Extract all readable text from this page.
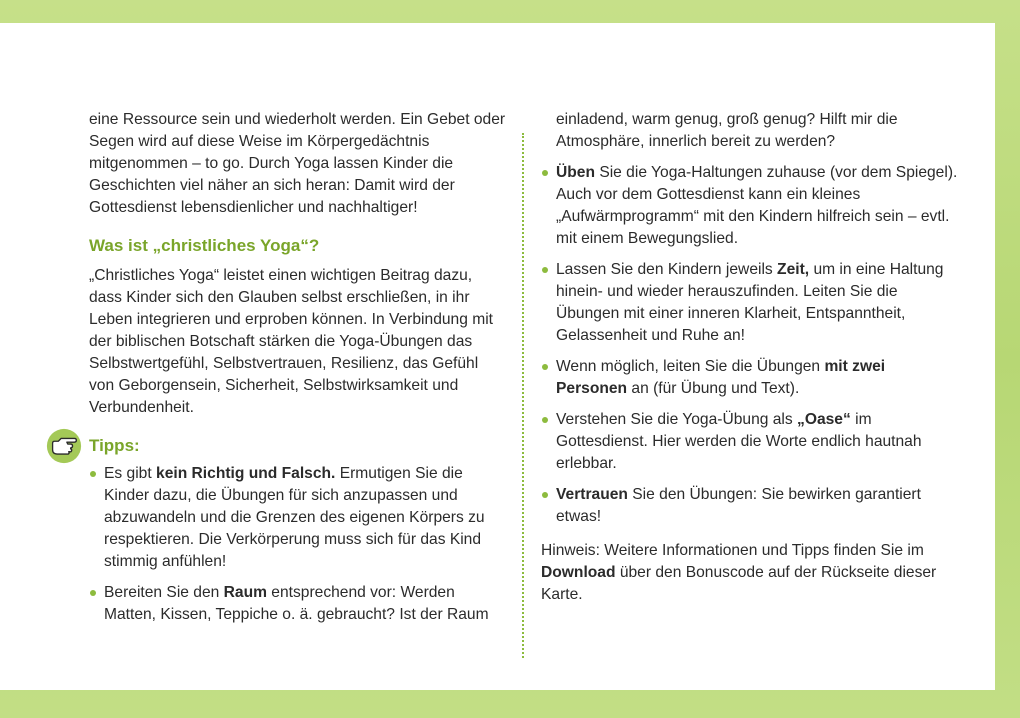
eine Ressource sein und wiederholt werden. Ein Gebet oder Segen wird auf diese Weise im Körpergedächtnis mitgenommen – to go. Durch Yoga lassen Kinder die Geschichten viel näher an sich heran: Damit wird der Gottesdienst lebensdienlicher und nachhaltiger!

Was ist „christliches Yoga“?

„Christliches Yoga“ leistet einen wichtigen Beitrag dazu, dass Kinder sich den Glauben selbst erschließen, in ihr Leben integrieren und erproben können. In Verbindung mit der biblischen Botschaft stärken die Yoga-Übungen das Selbstwertgefühl, Selbstvertrauen, Resilienz, das Gefühl von Geborgensein, Sicherheit, Selbstwirksamkeit und Verbundenheit.

Tipps:
Es gibt kein Richtig und Falsch. Ermutigen Sie die Kinder dazu, die Übungen für sich anzupassen und abzuwandeln und die Grenzen des eigenen Körpers zu respektieren. Die Verkörperung muss sich für das Kind stimmig anfühlen!
Bereiten Sie den Raum entsprechend vor: Werden Matten, Kissen, Teppiche o. ä. gebraucht? Ist der Raum
einladend, warm genug, groß genug? Hilft mir die Atmosphäre, innerlich bereit zu werden?
Üben Sie die Yoga-Haltungen zuhause (vor dem Spiegel). Auch vor dem Gottesdienst kann ein kleines „Aufwärmprogramm“ mit den Kindern hilfreich sein – evtl. mit einem Bewegungslied.
Lassen Sie den Kindern jeweils Zeit, um in eine Haltung hinein- und wieder herauszufinden. Leiten Sie die Übungen mit einer inneren Klarheit, Entspanntheit, Gelassenheit und Ruhe an!
Wenn möglich, leiten Sie die Übungen mit zwei Personen an (für Übung und Text).
Verstehen Sie die Yoga-Übung als „Oase“ im Gottesdienst. Hier werden die Worte endlich hautnah erlebbar.
Vertrauen Sie den Übungen: Sie bewirken garantiert etwas!

Hinweis: Weitere Informationen und Tipps finden Sie im Download über den Bonuscode auf der Rückseite dieser Karte.
